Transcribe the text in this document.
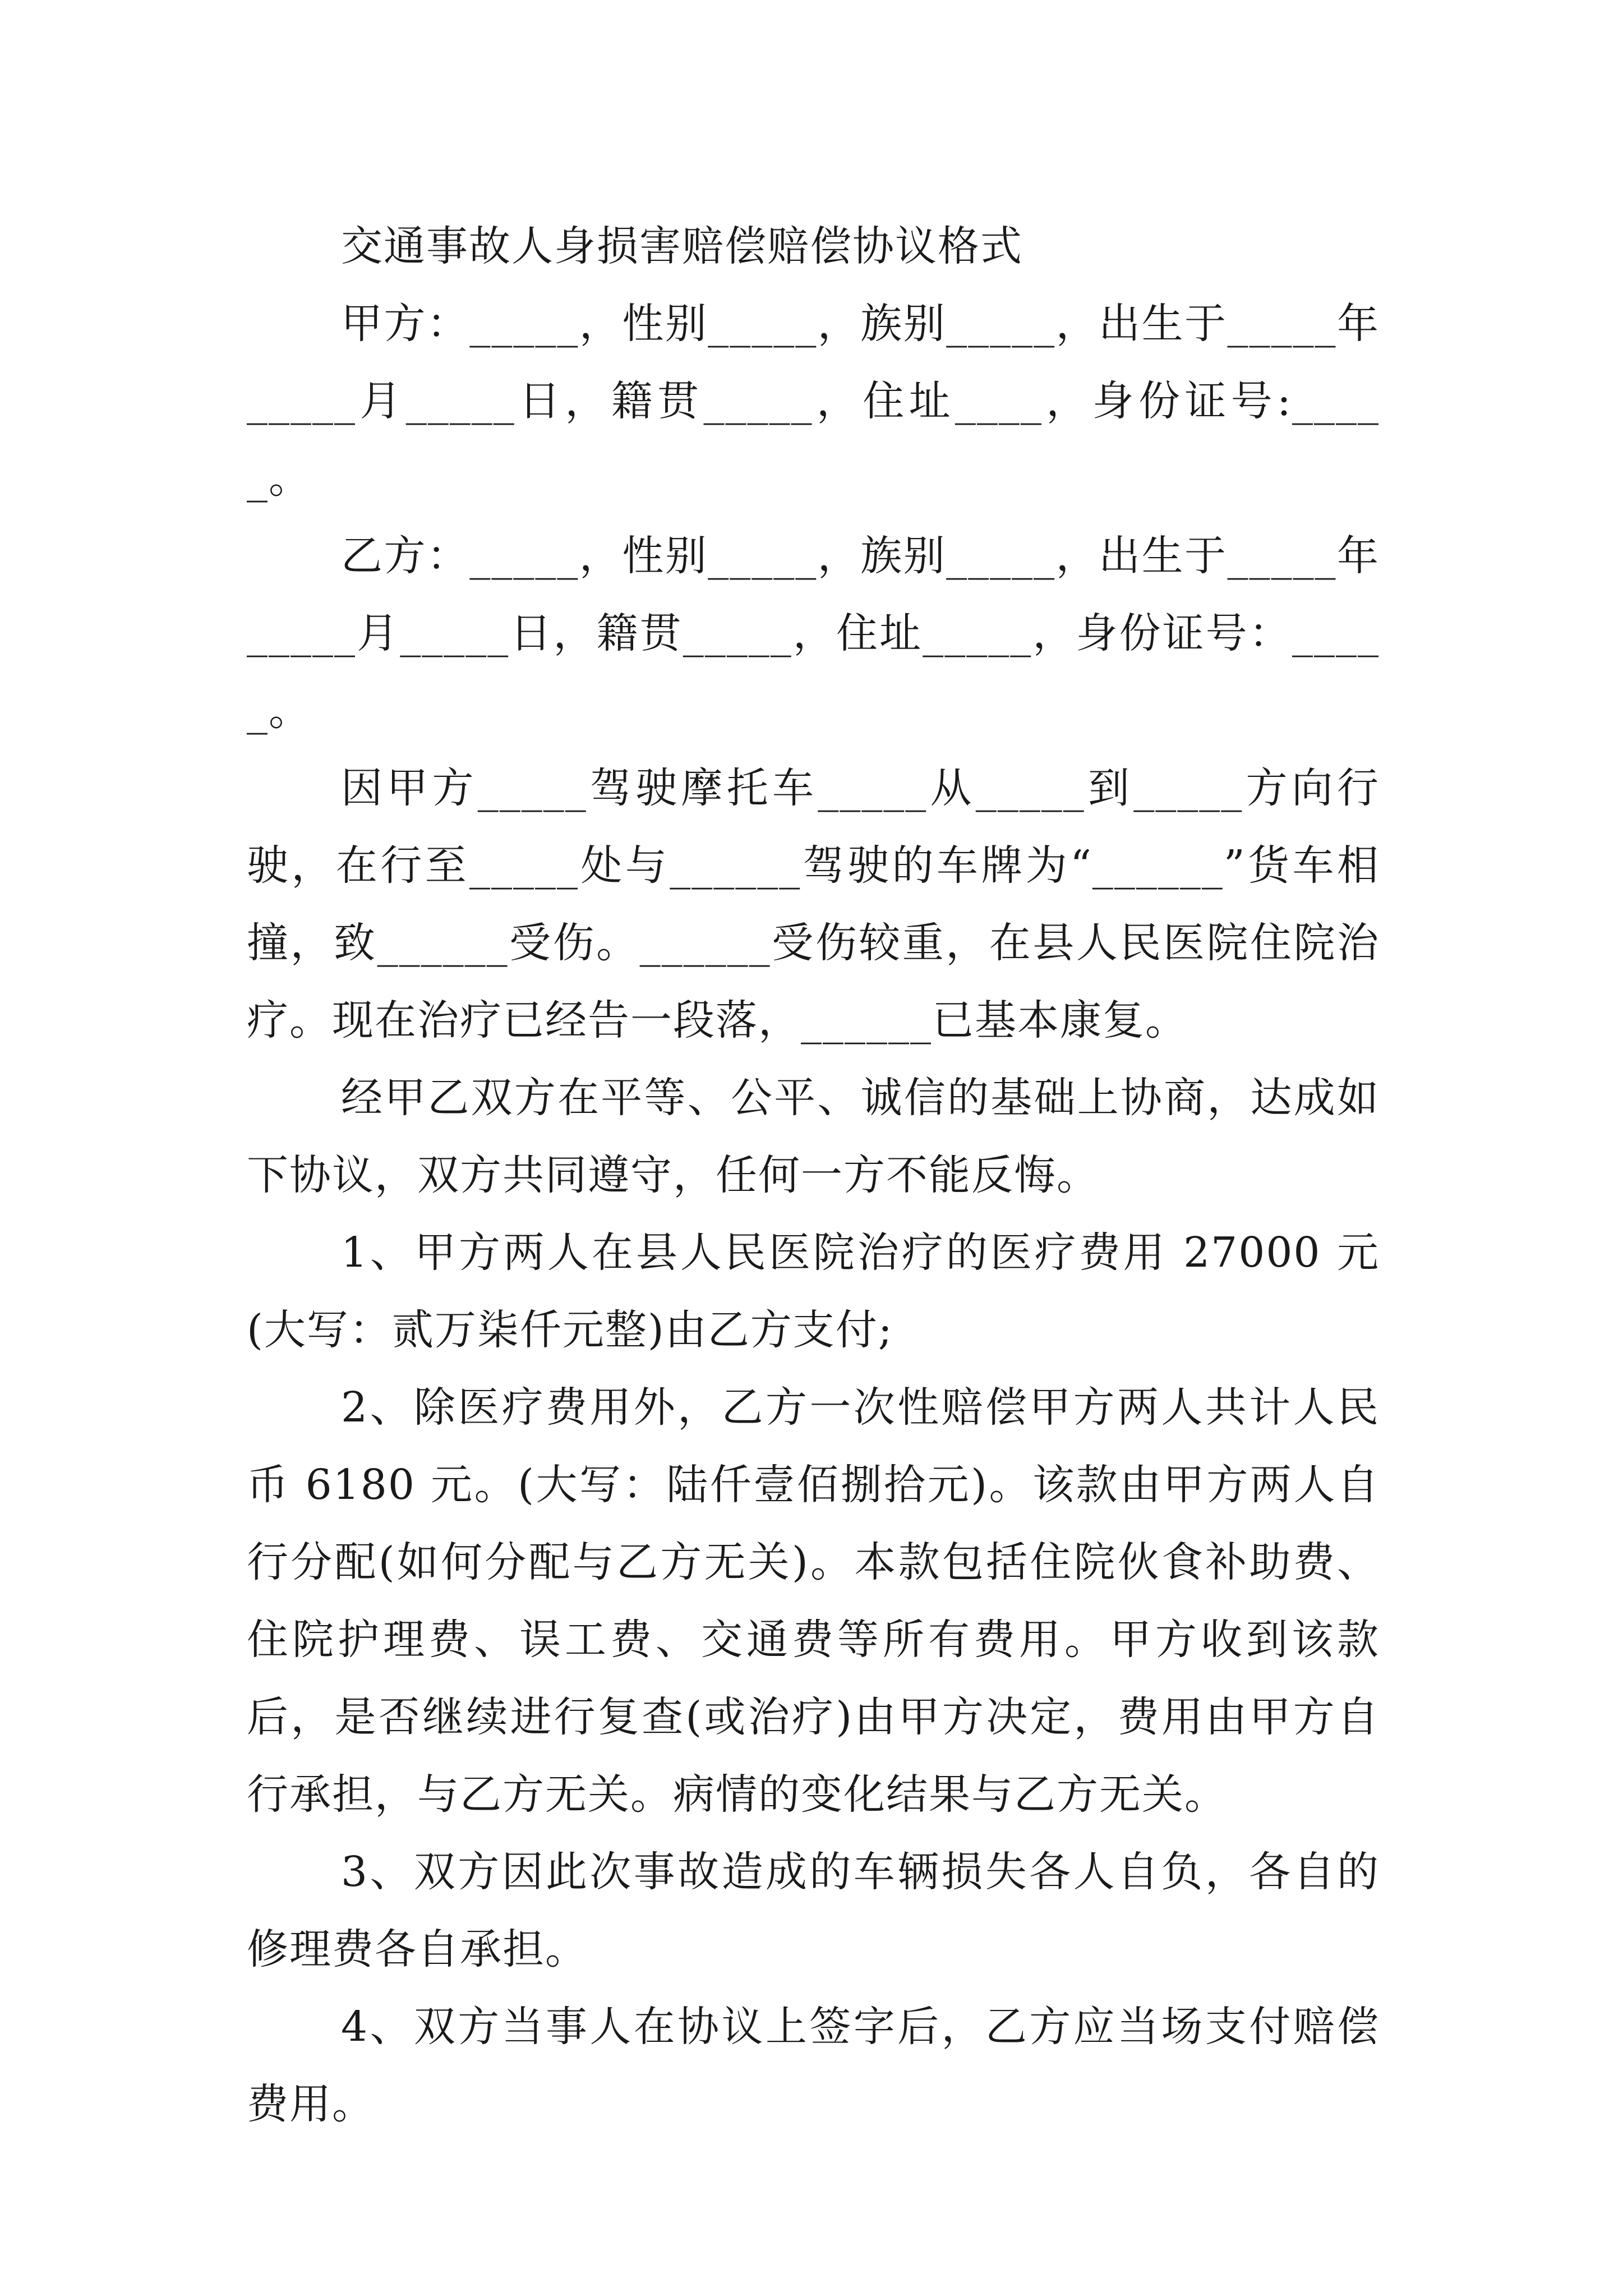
交通事故人身损害赔偿赔偿协议格式

甲方：_____，性别_____，族别_____，出生于_____年_____月_____日，籍贯_____，住址____，身份证号:_____。

乙方：_____，性别_____，族别_____，出生于_____年_____月_____日，籍贯_____，住址_____，身份证号：_____。

因甲方_____驾驶摩托车_____从_____到_____方向行驶，在行至_____处与______驾驶的车牌为“______”货车相撞，致______受伤。______受伤较重，在县人民医院住院治疗。现在治疗已经告一段落，______已基本康复。

经甲乙双方在平等、公平、诚信的基础上协商，达成如下协议，双方共同遵守，任何一方不能反悔。

1、甲方两人在县人民医院治疗的医疗费用 27000 元(大写：贰万柒仟元整)由乙方支付;

2、除医疗费用外，乙方一次性赔偿甲方两人共计人民币 6180 元。(大写：陆仟壹佰捌拾元)。该款由甲方两人自行分配(如何分配与乙方无关)。本款包括住院伙食补助费、住院护理费、误工费、交通费等所有费用。甲方收到该款后，是否继续进行复查(或治疗)由甲方决定，费用由甲方自行承担，与乙方无关。病情的变化结果与乙方无关。

3、双方因此次事故造成的车辆损失各人自负，各自的修理费各自承担。

4、双方当事人在协议上签字后，乙方应当场支付赔偿费用。
